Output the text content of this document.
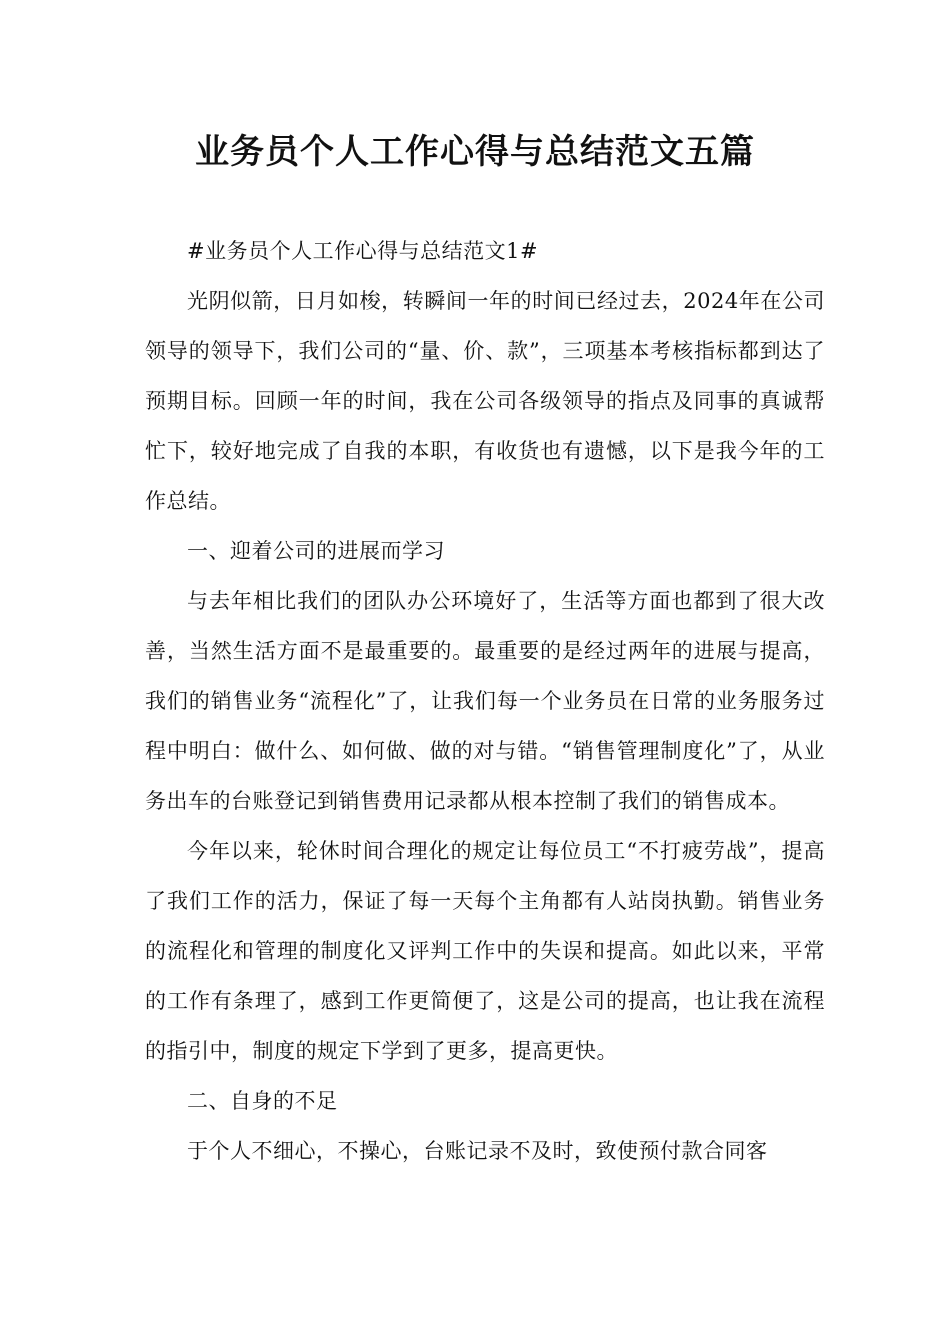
业务员个人工作心得与总结范文五篇

#业务员个人工作心得与总结范文1#

光阴似箭，日月如梭，转瞬间一年的时间已经过去，2024年在公司领导的领导下，我们公司的“量、价、款”，三项基本考核指标都到达了预期目标。回顾一年的时间，我在公司各级领导的指点及同事的真诚帮忙下，较好地完成了自我的本职，有收货也有遗憾，以下是我今年的工作总结。

一、迎着公司的进展而学习

与去年相比我们的团队办公环境好了，生活等方面也都到了很大改善，当然生活方面不是最重要的。最重要的是经过两年的进展与提高，我们的销售业务“流程化”了，让我们每一个业务员在日常的业务服务过程中明白：做什么、如何做、做的对与错。“销售管理制度化”了，从业务出车的台账登记到销售费用记录都从根本控制了我们的销售成本。

今年以来，轮休时间合理化的规定让每位员工“不打疲劳战”，提高了我们工作的活力，保证了每一天每个主角都有人站岗执勤。销售业务的流程化和管理的制度化又评判工作中的失误和提高。如此以来，平常的工作有条理了，感到工作更简便了，这是公司的提高，也让我在流程的指引中，制度的规定下学到了更多，提高更快。

二、自身的不足

于个人不细心，不操心，台账记录不及时，致使预付款合同客
